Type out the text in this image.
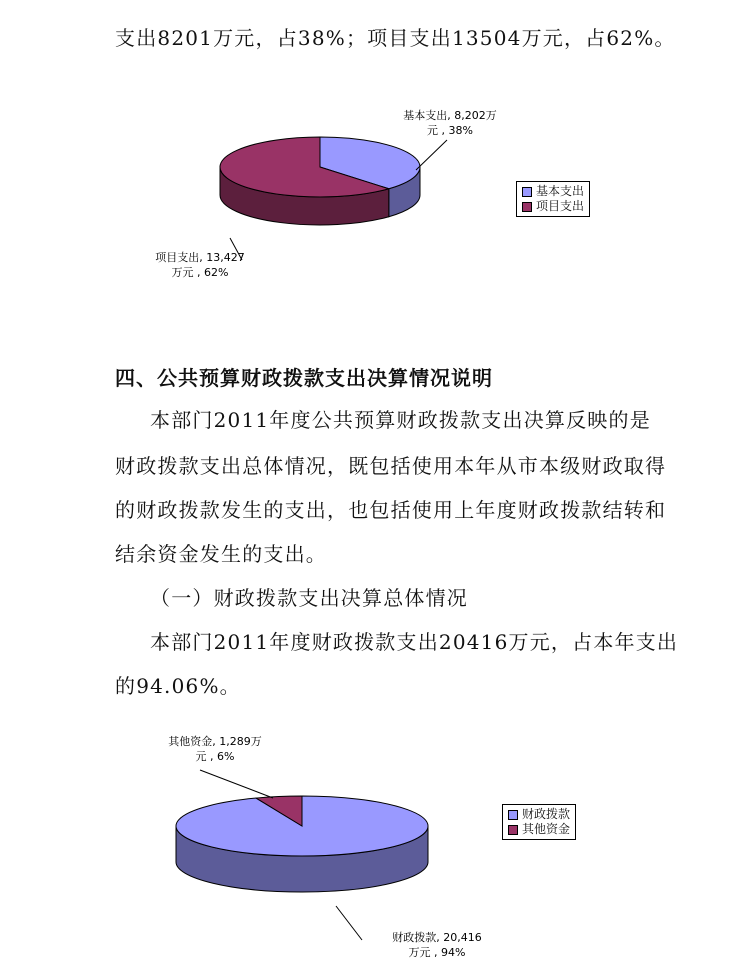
支出8201万元，占38%；项目支出13504万元，占62%。
基本支出, 8,202万
元 , 38%
项目支出, 13,427
万元 , 62%
基本支出
项目支出
四、公共预算财政拨款支出决算情况说明
本部门2011年度公共预算财政拨款支出决算反映的是
财政拨款支出总体情况，既包括使用本年从市本级财政取得
的财政拨款发生的支出，也包括使用上年度财政拨款结转和
结余资金发生的支出。
（一）财政拨款支出决算总体情况
本部门2011年度财政拨款支出20416万元，占本年支出
的94.06%。
其他资金, 1,289万
元 , 6%
财政拨款, 20,416
万元 , 94%
财政拨款
其他资金
